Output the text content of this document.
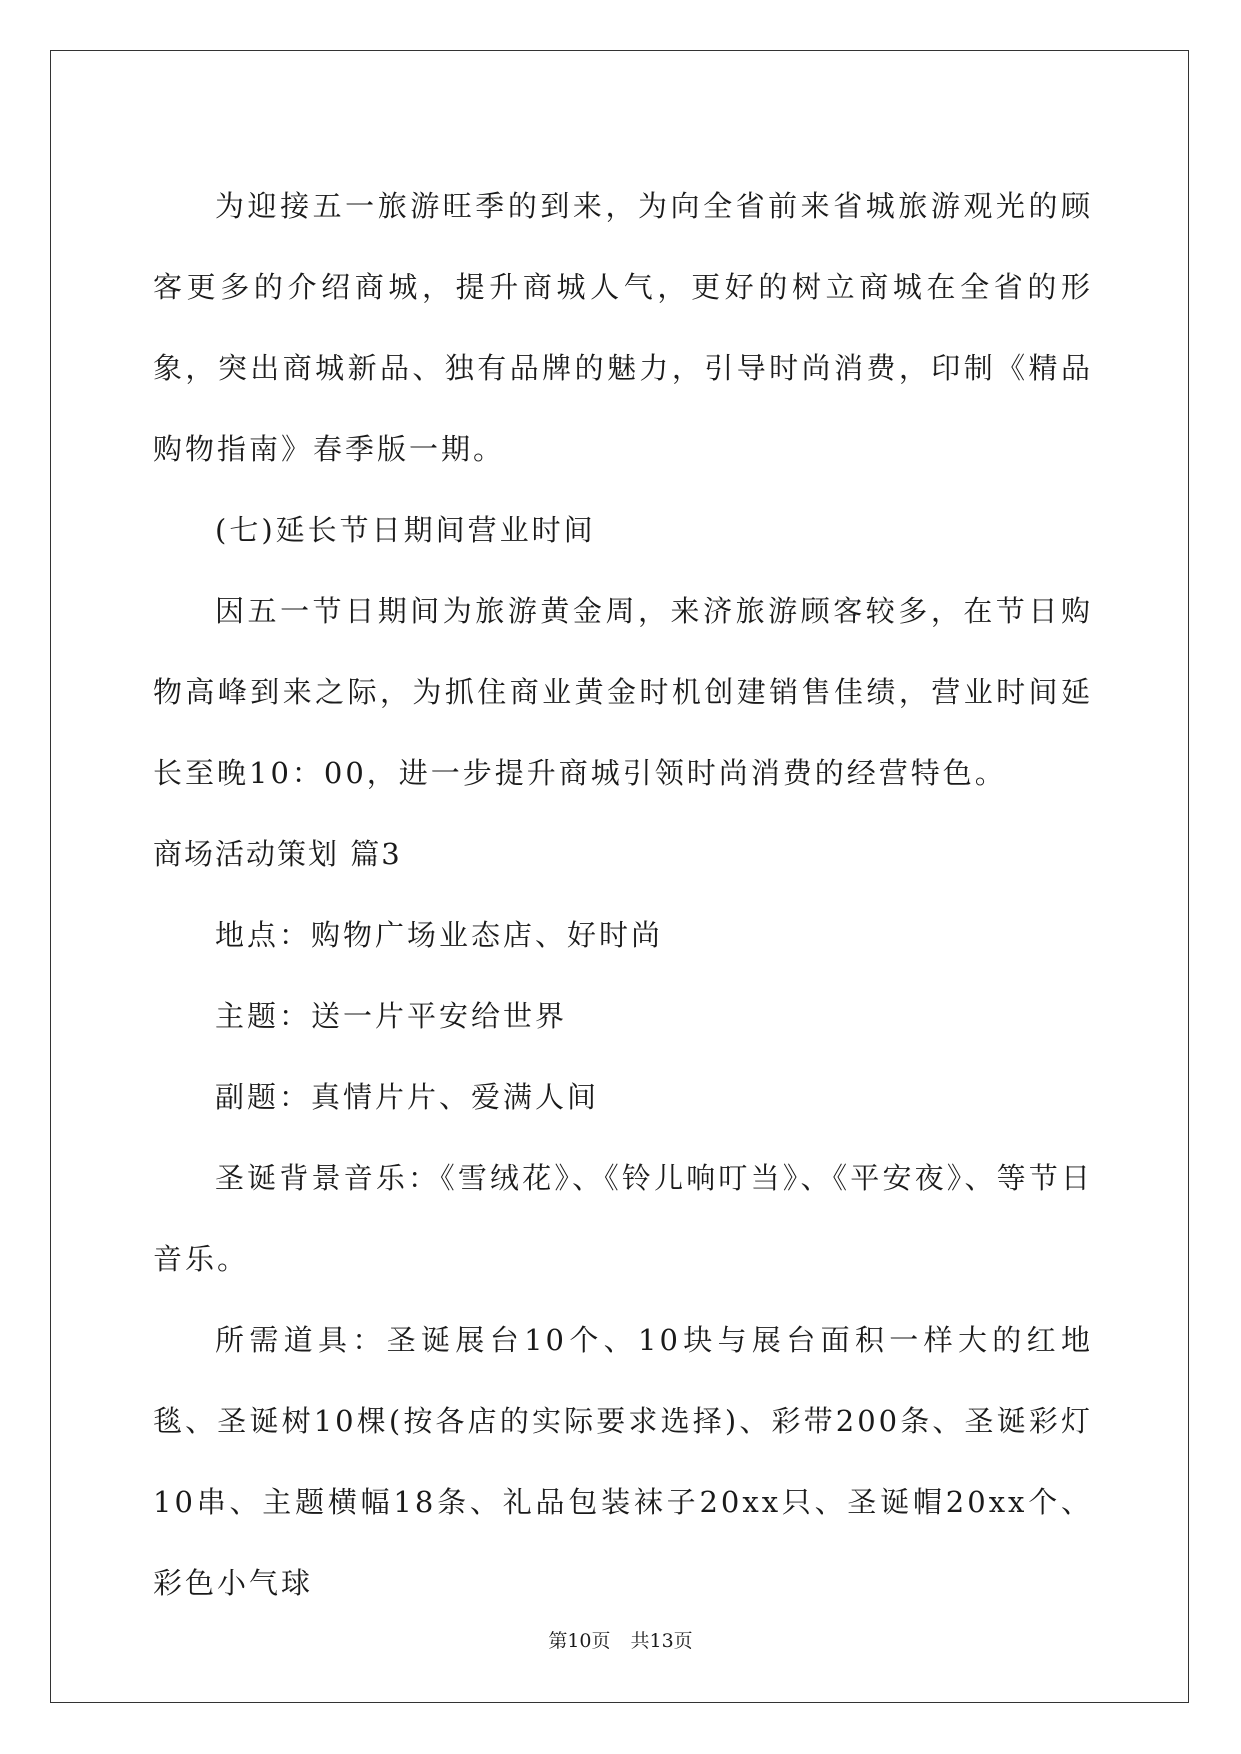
为迎接五一旅游旺季的到来，为向全省前来省城旅游观光的顾客更多的介绍商城，提升商城人气，更好的树立商城在全省的形象，突出商城新品、独有品牌的魅力，引导时尚消费，印制《精品购物指南》春季版一期。

(七)延长节日期间营业时间

因五一节日期间为旅游黄金周，来济旅游顾客较多，在节日购物高峰到来之际，为抓住商业黄金时机创建销售佳绩，营业时间延长至晚10：00，进一步提升商城引领时尚消费的经营特色。

商场活动策划 篇3

地点：购物广场业态店、好时尚

主题：送一片平安给世界

副题：真情片片、爱满人间

圣诞背景音乐：《雪绒花》、《铃儿响叮当》、《平安夜》、等节日音乐。

所需道具：圣诞展台10个、10块与展台面积一样大的红地毯、圣诞树10棵(按各店的实际要求选择)、彩带200条、圣诞彩灯10串、主题横幅18条、礼品包装袜子20xx只、圣诞帽20xx个、彩色小气球

第10页 共13页
